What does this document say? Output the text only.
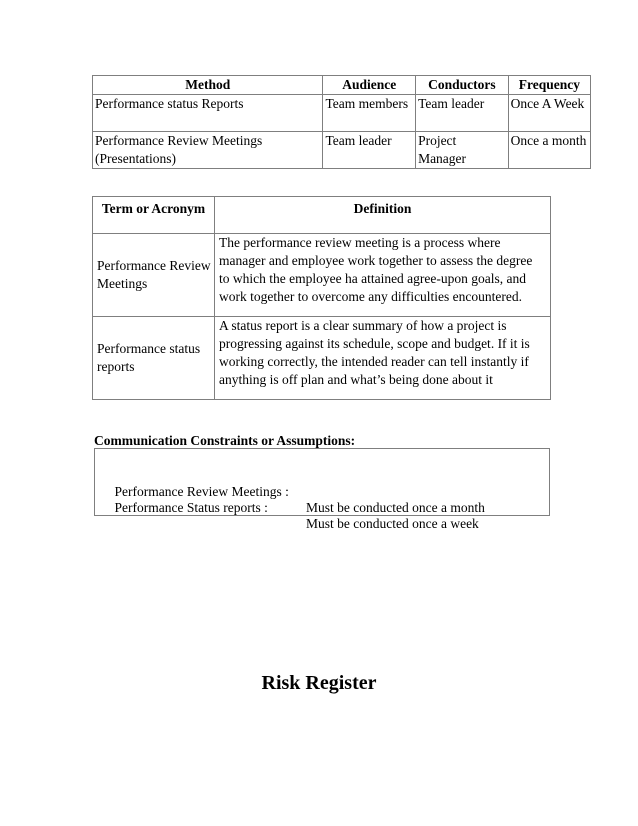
Method	Audience	Conductors	Frequency
Performance status Reports	Team members	Team leader	Once A Week
Performance Review Meetings (Presentations)	Team leader	Project Manager	Once a month
Term or Acronym	Definition
Performance Review Meetings	The performance review meeting is a process where manager and employee work together to assess the degree to which the employee ha attained agree-upon goals, and work together to overcome any difficulties encountered.
Performance status reports	A status report is a clear summary of how a project is progressing against its schedule, scope and budget. If it is working correctly, the intended reader can tell instantly if anything is off plan and what’s being done about it
Communication Constraints or Assumptions:

Performance Review Meetings :

Must be conducted once a month

Performance Status reports :

Must be conducted once a week

Risk Register
